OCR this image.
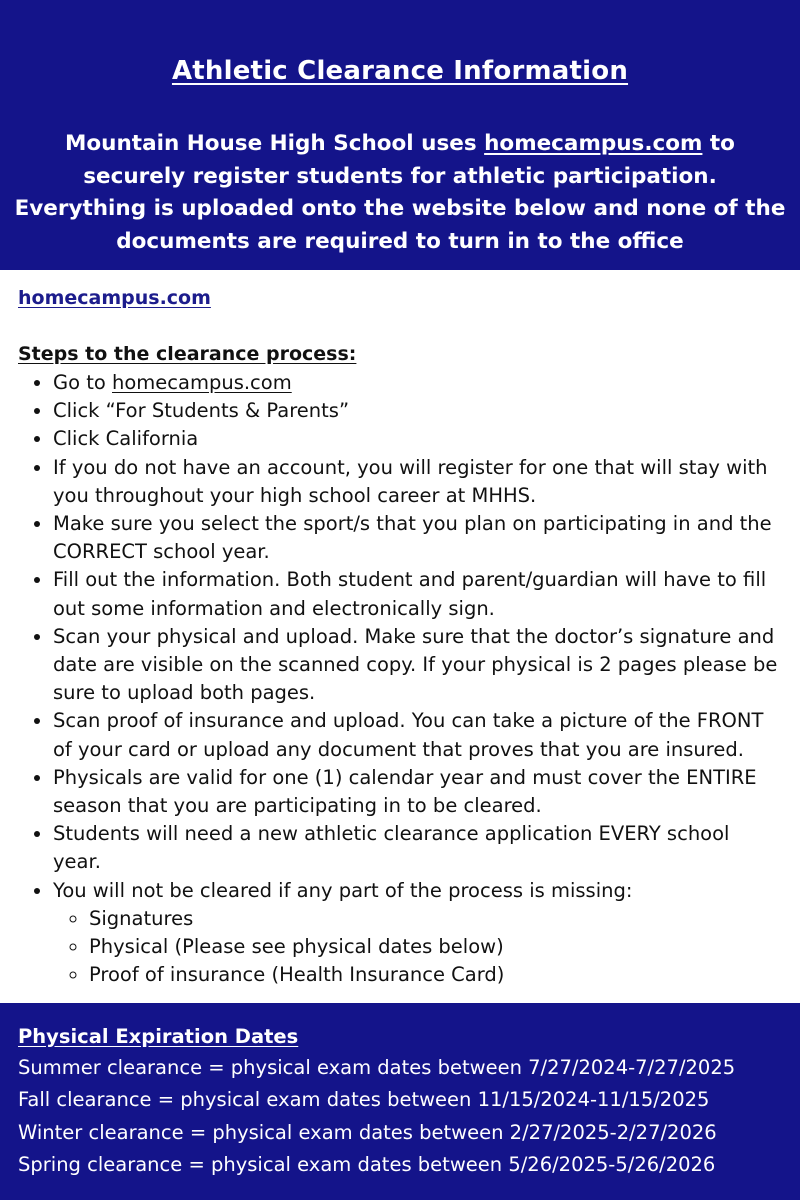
Athletic Clearance Information

Mountain House High School uses homecampus.com to securely register students for athletic participation. Everything is uploaded onto the website below and none of the documents are required to turn in to the office

homecampus.com
Steps to the clearance process:
• Go to homecampus.com
• Click “For Students & Parents”
• Click California
• If you do not have an account, you will register for one that will stay with you throughout your high school career at MHHS.
• Make sure you select the sport/s that you plan on participating in and the CORRECT school year.
• Fill out the information. Both student and parent/guardian will have to fill out some information and electronically sign.
• Scan your physical and upload. Make sure that the doctor’s signature and date are visible on the scanned copy. If your physical is 2 pages please be sure to upload both pages.
• Scan proof of insurance and upload. You can take a picture of the FRONT of your card or upload any document that proves that you are insured.
• Physicals are valid for one (1) calendar year and must cover the ENTIRE season that you are participating in to be cleared.
• Students will need a new athletic clearance application EVERY school year.
• You will not be cleared if any part of the process is missing:
◦ Signatures
◦ Physical (Please see physical dates below)
◦ Proof of insurance (Health Insurance Card)
Physical Expiration Dates
Summer clearance = physical exam dates between 7/27/2024-7/27/2025
Fall clearance = physical exam dates between 11/15/2024-11/15/2025
Winter clearance = physical exam dates between 2/27/2025-2/27/2026
Spring clearance = physical exam dates between 5/26/2025-5/26/2026
